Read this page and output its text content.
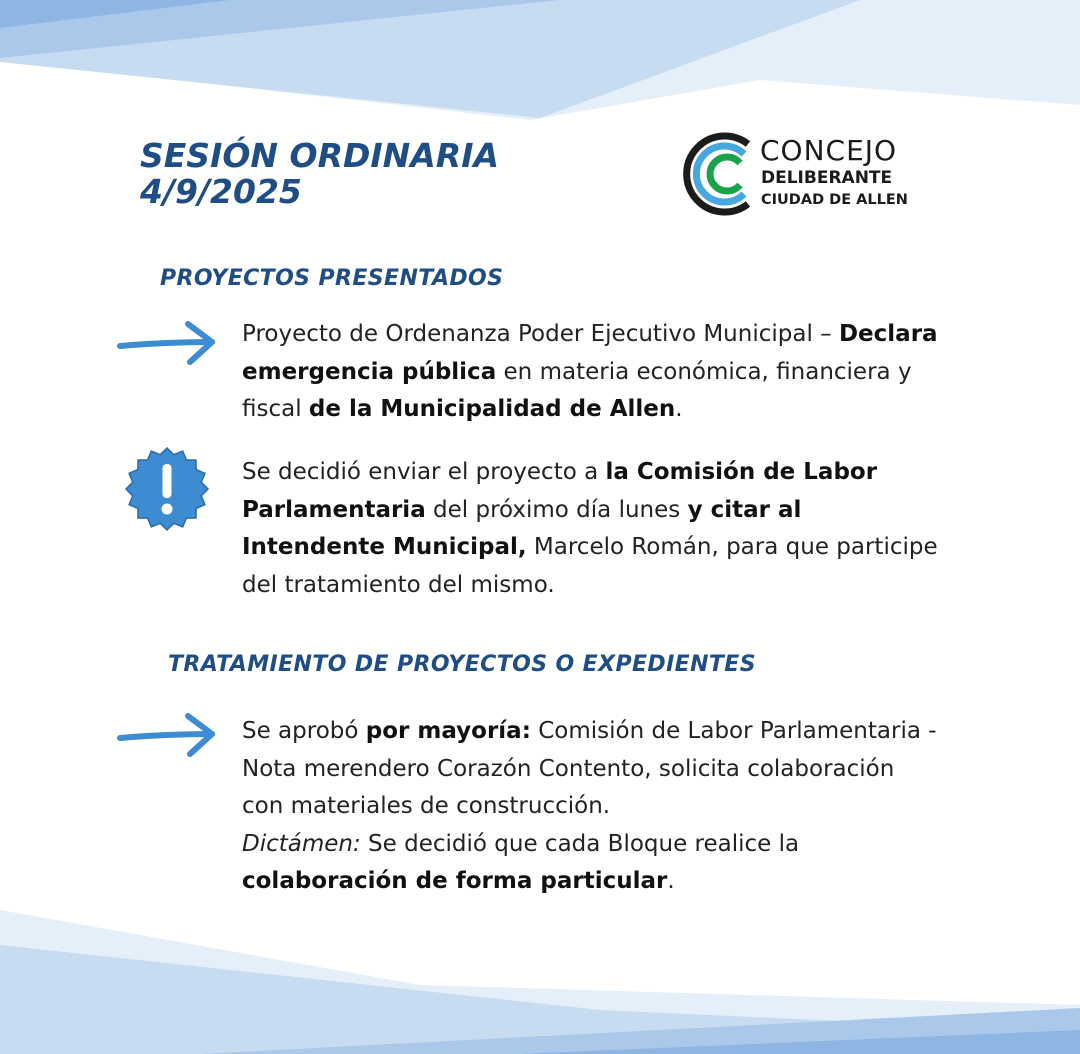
SESIÓN ORDINARIA
4/9/2025
CONCEJO
DELIBERANTE
CIUDAD DE ALLEN
PROYECTOS PRESENTADOS

Proyecto de Ordenanza Poder Ejecutivo Municipal – Declara emergencia pública en materia económica, financiera y fiscal de la Municipalidad de Allen.

Se decidió enviar el proyecto a la Comisión de Labor Parlamentaria del próximo día lunes y citar al Intendente Municipal, Marcelo Román, para que participe del tratamiento del mismo.

TRATAMIENTO DE PROYECTOS O EXPEDIENTES

Se aprobó por mayoría: Comisión de Labor Parlamentaria - Nota merendero Corazón Contento, solicita colaboración con materiales de construcción.
Dictámen: Se decidió que cada Bloque realice la colaboración de forma particular.
